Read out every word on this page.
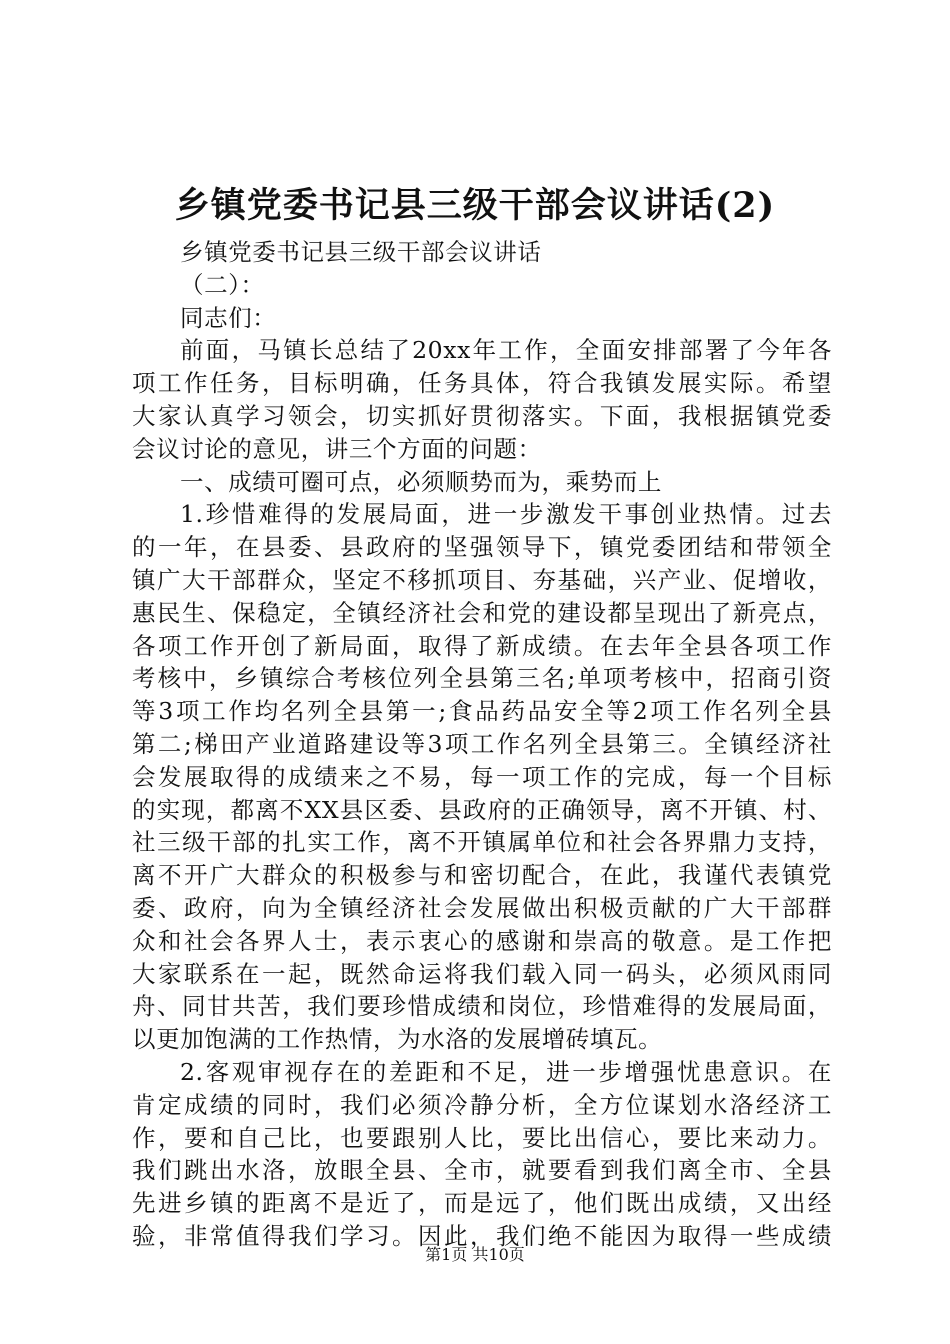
乡镇党委书记县三级干部会议讲话(2)
乡镇党委书记县三级干部会议讲话
（二）：
同志们：
前面，马镇长总结了20xx年工作，全面安排部署了今年各
项工作任务，目标明确，任务具体，符合我镇发展实际。希望
大家认真学习领会，切实抓好贯彻落实。下面，我根据镇党委
会议讨论的意见，讲三个方面的问题：
一、成绩可圈可点，必须顺势而为，乘势而上
1.珍惜难得的发展局面，进一步激发干事创业热情。过去
的一年，在县委、县政府的坚强领导下，镇党委团结和带领全
镇广大干部群众，坚定不移抓项目、夯基础，兴产业、促增收，
惠民生、保稳定，全镇经济社会和党的建设都呈现出了新亮点，
各项工作开创了新局面，取得了新成绩。在去年全县各项工作
考核中，乡镇综合考核位列全县第三名;单项考核中，招商引资
等3项工作均名列全县第一;食品药品安全等2项工作名列全县
第二;梯田产业道路建设等3项工作名列全县第三。全镇经济社
会发展取得的成绩来之不易，每一项工作的完成，每一个目标
的实现，都离不XX县区委、县政府的正确领导，离不开镇、村、
社三级干部的扎实工作，离不开镇属单位和社会各界鼎力支持，
离不开广大群众的积极参与和密切配合，在此，我谨代表镇党
委、政府，向为全镇经济社会发展做出积极贡献的广大干部群
众和社会各界人士，表示衷心的感谢和崇高的敬意。是工作把
大家联系在一起，既然命运将我们载入同一码头，必须风雨同
舟、同甘共苦，我们要珍惜成绩和岗位，珍惜难得的发展局面，
以更加饱满的工作热情，为水洛的发展增砖填瓦。
2.客观审视存在的差距和不足，进一步增强忧患意识。在
肯定成绩的同时，我们必须冷静分析，全方位谋划水洛经济工
作，要和自己比，也要跟别人比，要比出信心，要比来动力。
我们跳出水洛，放眼全县、全市，就要看到我们离全市、全县
先进乡镇的距离不是近了，而是远了，他们既出成绩，又出经
验，非常值得我们学习。因此，我们绝不能因为取得一些成绩
第1页 共10页
